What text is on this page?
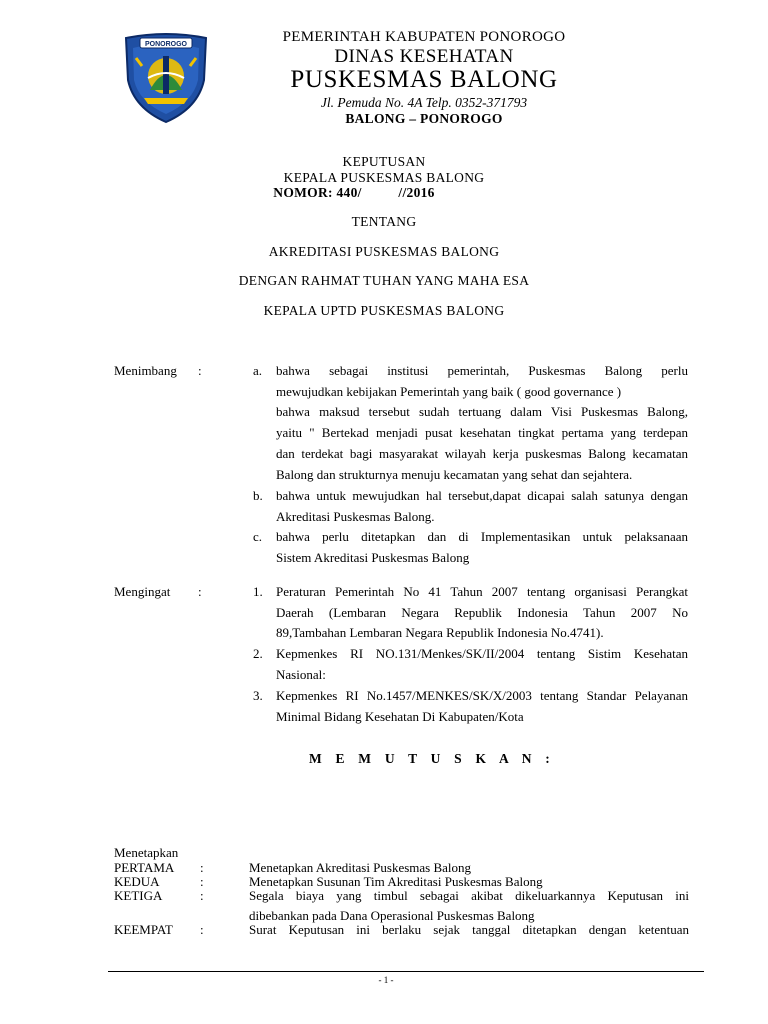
PONOROGO	PEMERINTAH KABUPATEN PONOROGO
DINAS KESEHATAN
PUSKESMAS BALONG
Jl. Pemuda No. 4A Telp. 0352-371793
BALONG – PONOROGO
KEPUTUSAN
KEPALA PUSKESMAS BALONG
NOMOR: 440/          //2016
TENTANG
AKREDITASI PUSKESMAS BALONG
DENGAN RAHMAT TUHAN YANG MAHA ESA
KEPALA UPTD PUSKESMAS BALONG
Menimbang :	a. bahwa sebagai institusi pemerintah, Puskesmas Balong perlu
mewujudkan kebijakan Pemerintah yang baik ( good governance )
bahwa maksud tersebut sudah tertuang dalam Visi Puskesmas Balong,
yaitu " Bertekad menjadi pusat kesehatan tingkat pertama yang terdepan
dan terdekat bagi masyarakat wilayah kerja puskesmas Balong kecamatan
Balong dan strukturnya menuju kecamatan yang sehat dan sejahtera.
b. bahwa untuk mewujudkan hal tersebut,dapat dicapai salah satunya dengan
Akreditasi Puskesmas Balong.
c. bahwa perlu ditetapkan dan di Implementasikan untuk pelaksanaan
Sistem Akreditasi Puskesmas Balong
Mengingat :	1. Peraturan Pemerintah No 41 Tahun 2007 tentang organisasi Perangkat
Daerah (Lembaran Negara Republik Indonesia Tahun 2007 No
89,Tambahan Lembaran Negara Republik Indonesia No.4741).
2. Kepmenkes RI NO.131/Menkes/SK/II/2004 tentang Sistim Kesehatan
Nasional:
3. Kepmenkes RI No.1457/MENKES/SK/X/2003 tentang Standar Pelayanan
Minimal Bidang Kesehatan Di Kabupaten/Kota
M E M U T U S K A N :
Menetapkan
PERTAMA :	Menetapkan Akreditasi Puskesmas Balong
KEDUA	:	Menetapkan Susunan Tim Akreditasi Puskesmas Balong
KETIGA	:	Segala biaya yang timbul sebagai akibat dikeluarkannya Keputusan ini
dibebankan pada Dana Operasional Puskesmas Balong
KEEMPAT :	Surat Keputusan ini berlaku sejak tanggal ditetapkan dengan ketentuan
- 1 -
